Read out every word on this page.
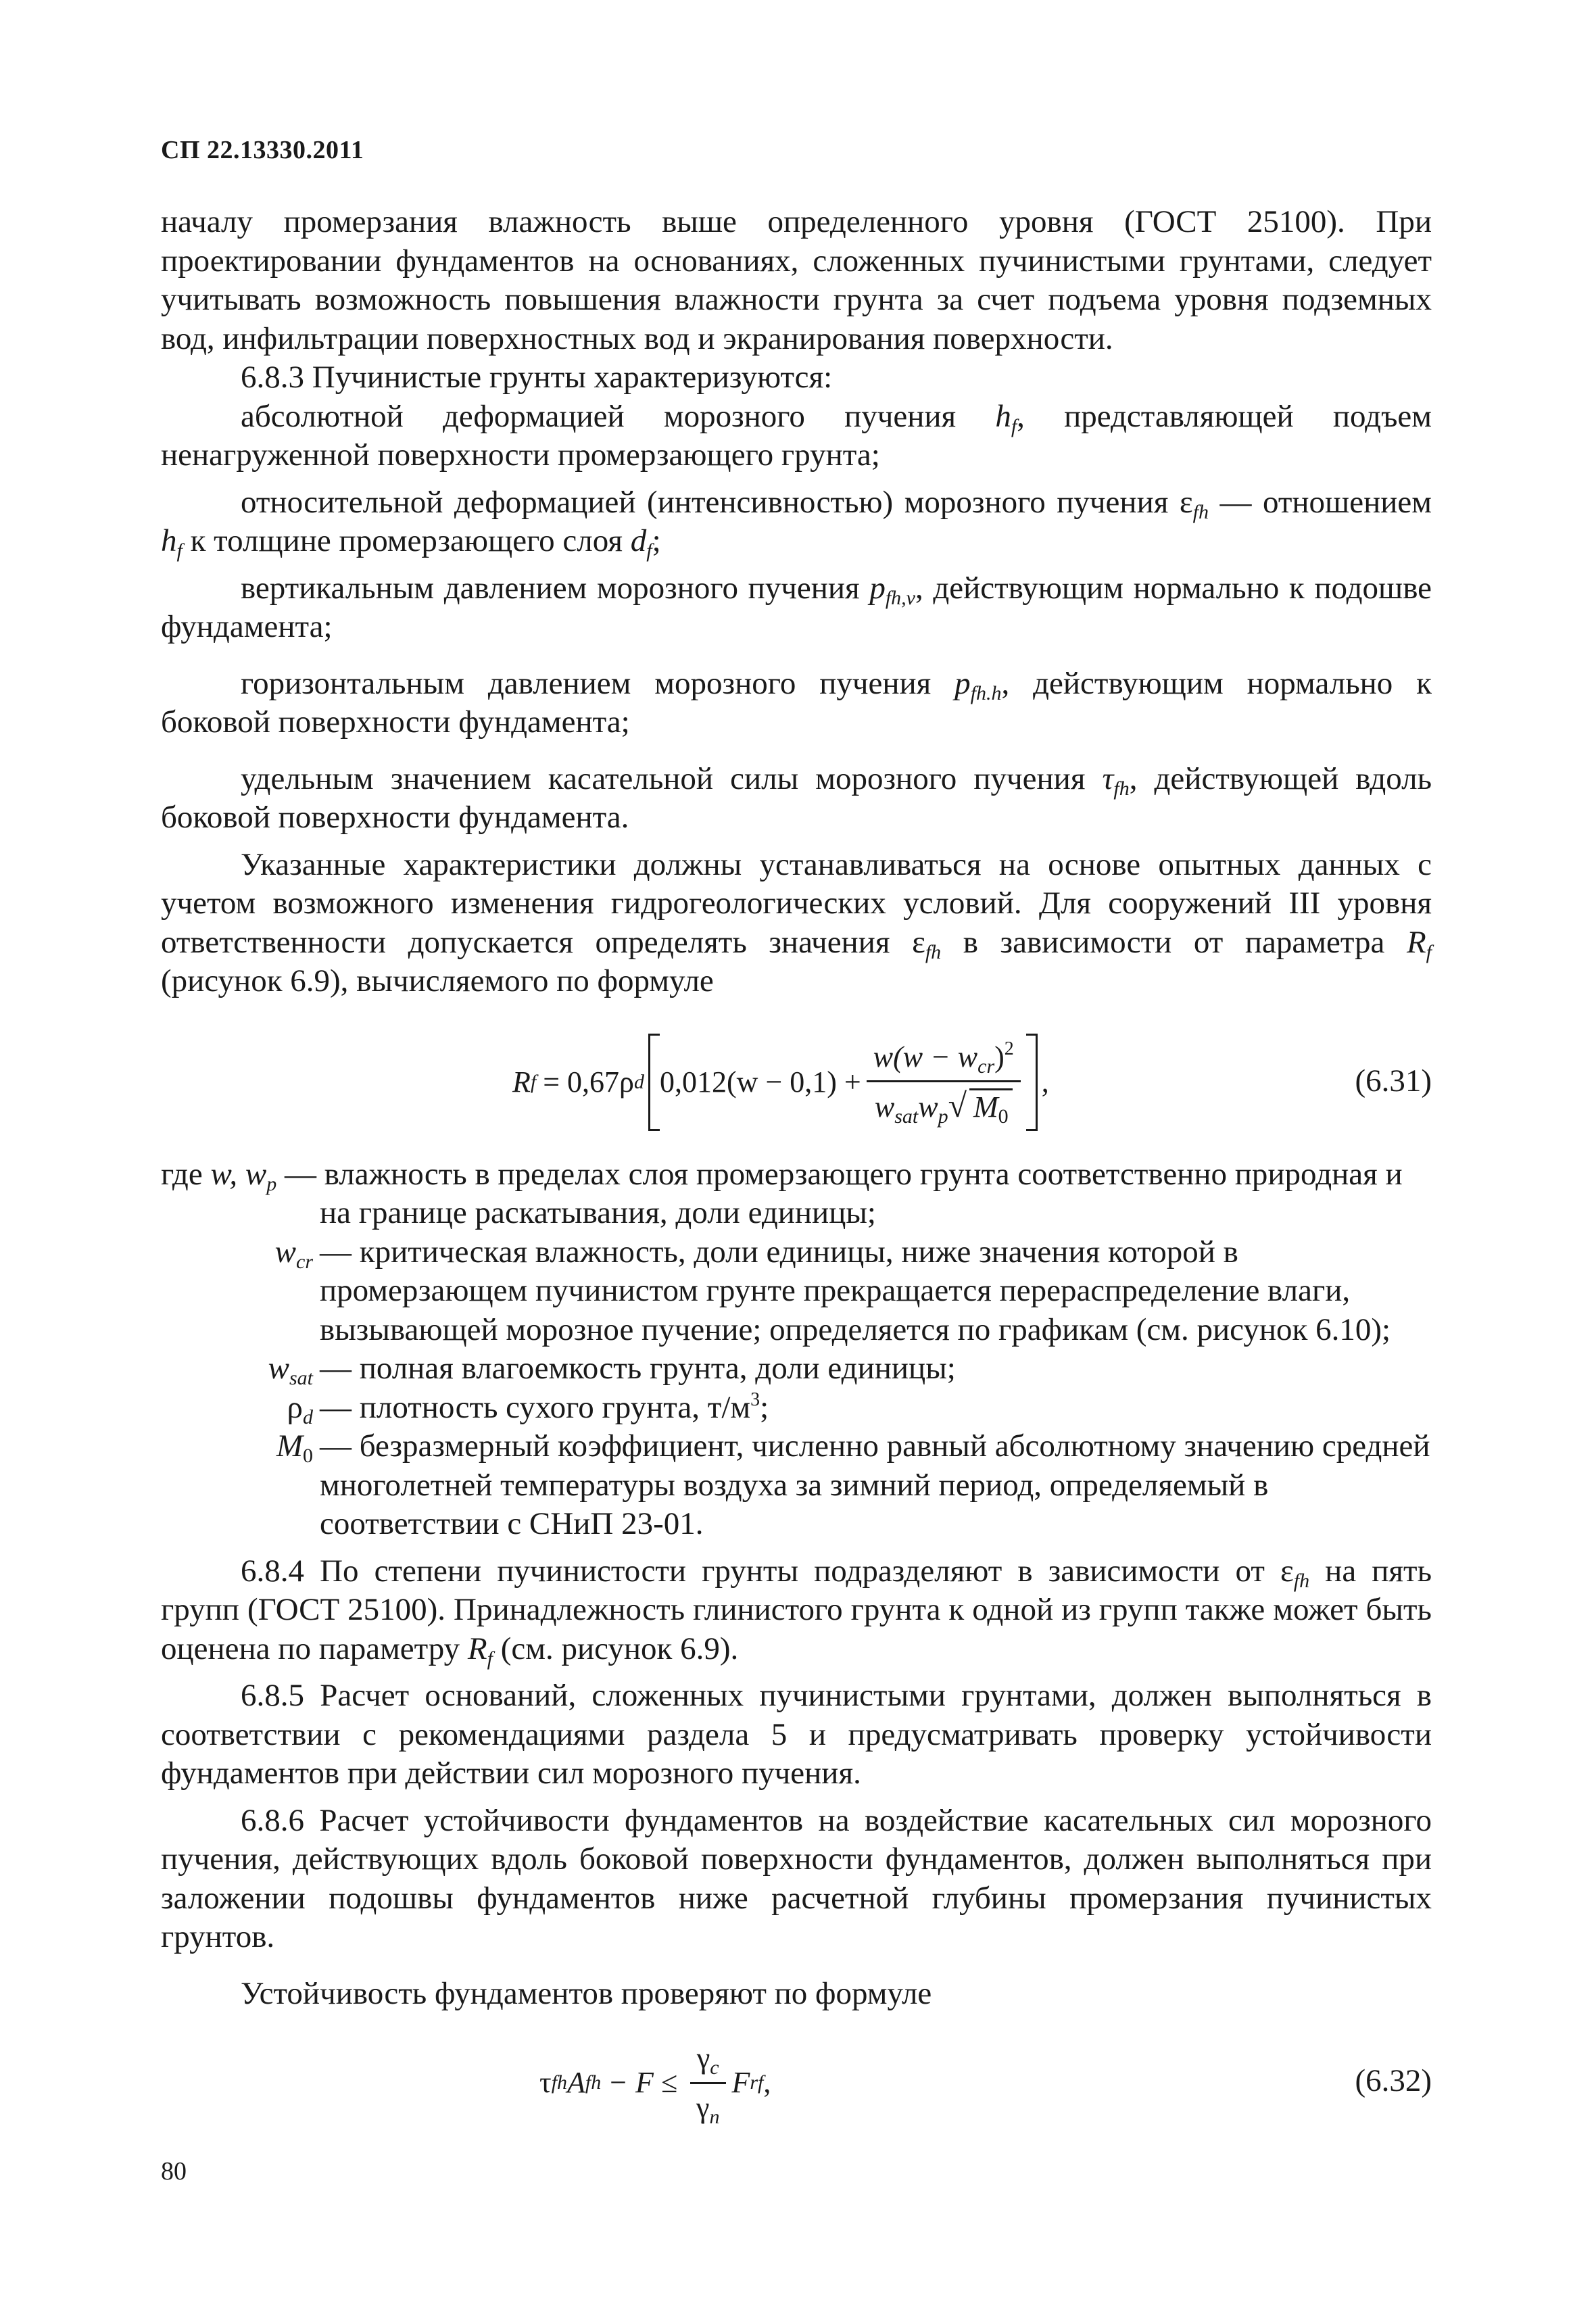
СП 22.13330.2011

началу промерзания влажность выше определенного уровня (ГОСТ 25100). При проектировании фундаментов на основаниях, сложенных пучинистыми грунтами, следует учитывать возможность повышения влажности грунта за счет подъема уровня подземных вод, инфильтрации поверхностных вод и экранирования поверхности.

6.8.3 Пучинистые грунты характеризуются:

абсолютной деформацией морозного пучения $h_f$, представляющей подъем ненагруженной поверхности промерзающего грунта;

относительной деформацией (интенсивностью) морозного пучения $\varepsilon_{fh}$ — отношением $h_f$ к толщине промерзающего слоя $d_f$;

вертикальным давлением морозного пучения $p_{fh,v}$, действующим нормально к подошве фундамента;

горизонтальным давлением морозного пучения $p_{fh.h}$, действующим нормально к боковой поверхности фундамента;

удельным значением касательной силы морозного пучения $\tau_{fh}$, действующей вдоль боковой поверхности фундамента.

Указанные характеристики должны устанавливаться на основе опытных данных с учетом возможного изменения гидрогеологических условий. Для сооружений III уровня ответственности допускается определять значения $\varepsilon_{fh}$ в зависимости от параметра $R_f$ (рисунок 6.9), вычисляемого по формуле

R f = 0,67ρ d $0,012(w - 0,1) + \frac{w(w - w_{cr})^2}{w_{sat}w_p√ M_0}$ ,	(6.31)

где w, $w_p$ — влажность в пределах слоя промерзающего грунта соответственно природная и

на границе раскатывания, доли единицы;

$w_{cr}$ — критическая влажность, доли единицы, ниже значения которой в промерзающем пучинистом грунте прекращается перераспределение влаги, вызывающей морозное пучение; определяется по графикам (см. рисунок 6.10);
$w_{sat}$ — полная влагоемкость грунта, доли единицы;
$\rho_d$ — плотность сухого грунта, $т/м^3$;
$M_0$ — безразмерный коэффициент, численно равный абсолютному значению средней многолетней температуры воздуха за зимний период, определяемый в соответствии с СНиП 23-01.

6.8.4 По степени пучинистости грунты подразделяют в зависимости от $\varepsilon_{fh}$ на пять групп (ГОСТ 25100). Принадлежность глинистого грунта к одной из групп также может быть оценена по параметру $R_f$ (см. рисунок 6.9).

6.8.5 Расчет оснований, сложенных пучинистыми грунтами, должен выполняться в соответствии с рекомендациями раздела 5 и предусматривать проверку устойчивости фундаментов при действии сил морозного пучения.

6.8.6 Расчет устойчивости фундаментов на воздействие касательных сил морозного пучения, действующих вдоль боковой поверхности фундаментов, должен выполняться при заложении подошвы фундаментов ниже расчетной глубины промерзания пучинистых грунтов.

Устойчивость фундаментов проверяют по формуле

τ fh A fh − $F \le \frac{\gamma_c}{\gamma_n}$ F rf ,	(6.32)
80
